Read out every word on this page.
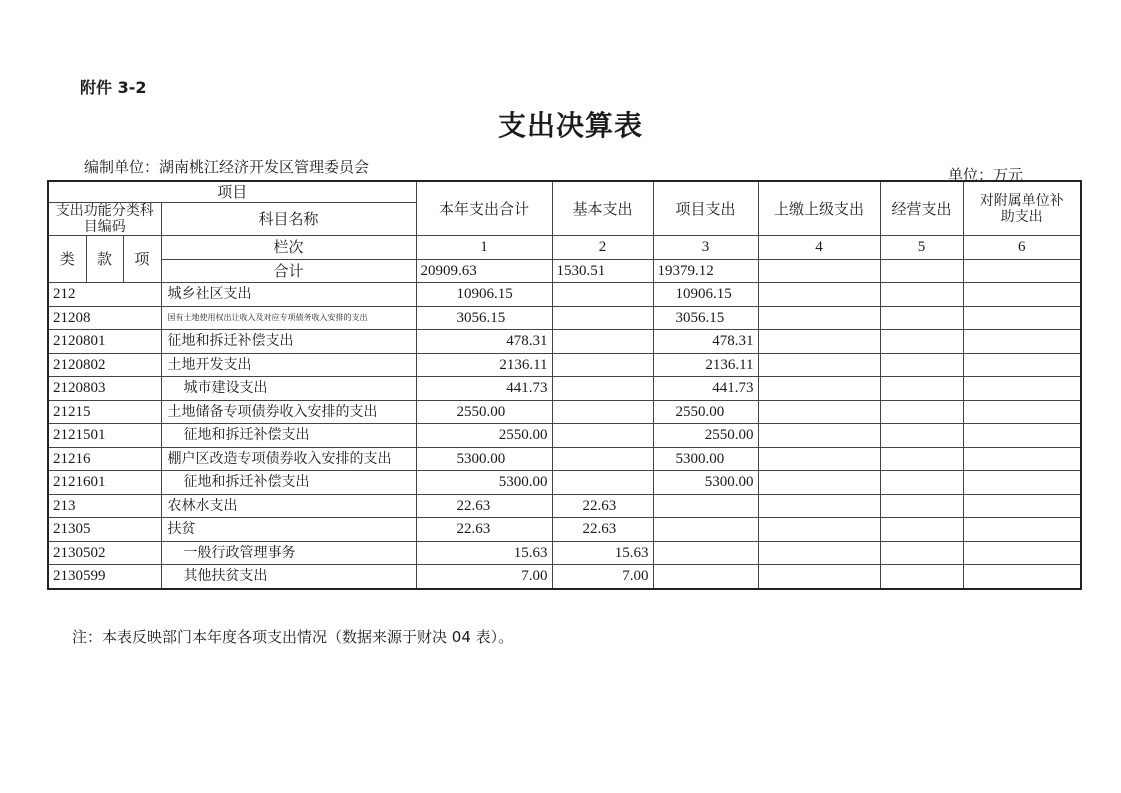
附件 3-2
支出决算表
编制单位：湖南桃江经济开发区管理委员会	单位：万元
项目				本年支出合计	基本支出	项目支出	上缴上级支出	经营支出	对附属单位补助支出
支出功能分类科目编码			科目名称						

类	款	项	栏次	1	2	3	4	5	6
			合计	20909.63	1530.51	19379.12			
212			城乡社区支出	10906.15		10906.15			
21208			国有土地使用权出让收入及对应专项债务收入安排的支出	3056.15		3056.15			
2120801			征地和拆迁补偿支出	478.31		478.31			
2120802			土地开发支出	2136.11		2136.11			
2120803			城市建设支出	441.73		441.73			
21215			土地储备专项债券收入安排的支出	2550.00		2550.00			
2121501			征地和拆迁补偿支出	2550.00		2550.00			
21216			棚户区改造专项债券收入安排的支出	5300.00		5300.00			
2121601			征地和拆迁补偿支出	5300.00		5300.00			
213			农林水支出	22.63	22.63				
21305			扶贫	22.63	22.63				
2130502			一般行政管理事务	15.63	15.63				
2130599			其他扶贫支出	7.00	7.00				
注：本表反映部门本年度各项支出情况（数据来源于财决 04 表）。
